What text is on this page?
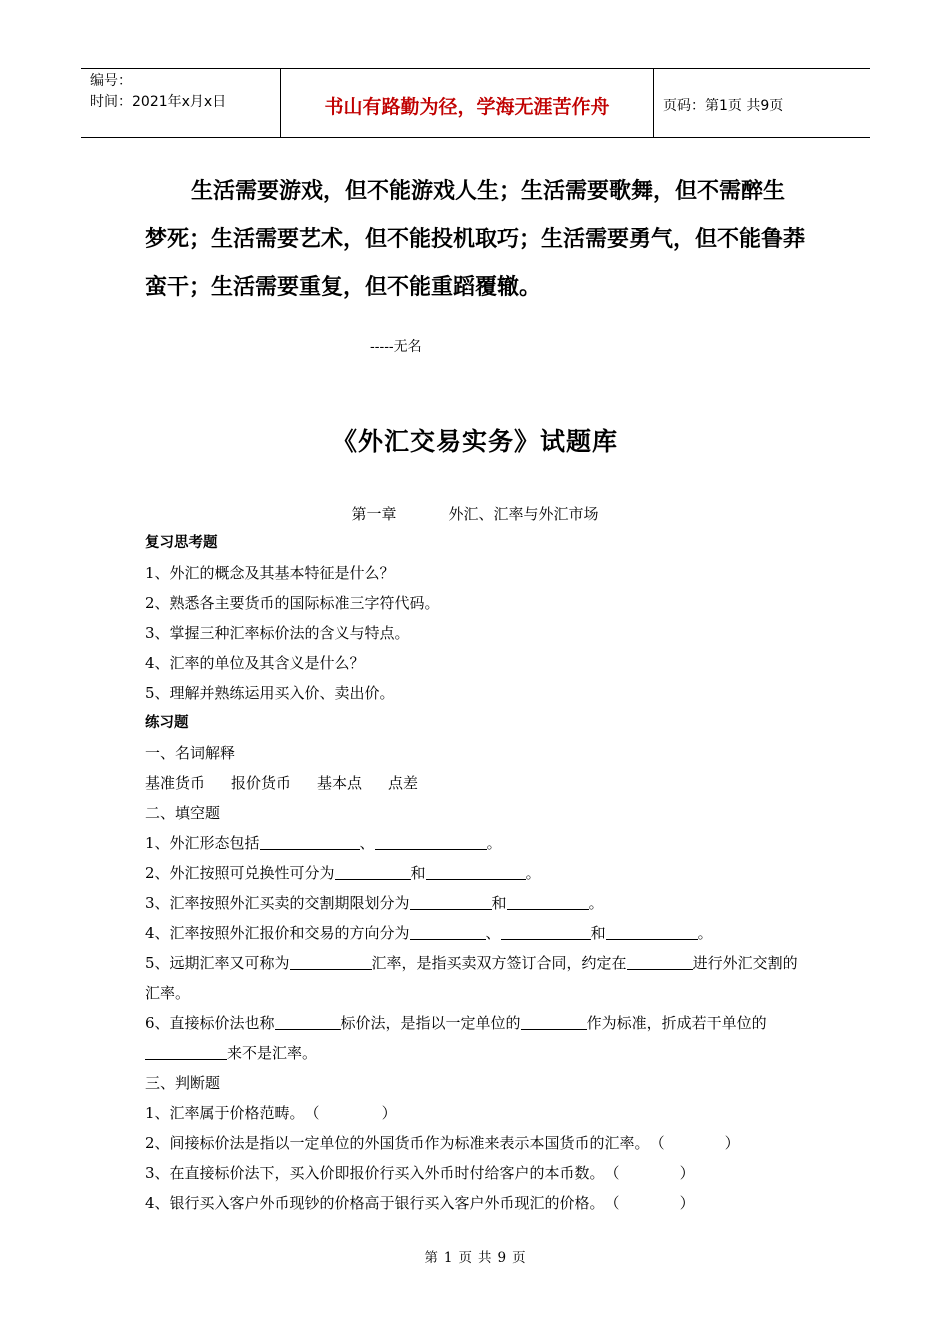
编号：
时间：2021年x月x日	书山有路勤为径，学海无涯苦作舟	页码：第1页 共9页
生活需要游戏，但不能游戏人生；生活需要歌舞，但不需醉生梦死；生活需要艺术，但不能投机取巧；生活需要勇气，但不能鲁莽蛮干；生活需要重复，但不能重蹈覆辙。
-----无名
《外汇交易实务》试题库
第一章	外汇、汇率与外汇市场
复习思考题
1、外汇的概念及其基本特征是什么？
2、熟悉各主要货币的国际标准三字符代码。
3、掌握三种汇率标价法的含义与特点。
4、汇率的单位及其含义是什么？
5、理解并熟练运用买入价、卖出价。
练习题
一、名词解释
基准货币 报价货币 基本点 点差
二、填空题
1、外汇形态包括	、	。
2、外汇按照可兑换性可分为	和	。
3、汇率按照外汇买卖的交割期限划分为	和	。
4、汇率按照外汇报价和交易的方向分为	、	和	。
5、远期汇率又可称为	汇率，是指买卖双方签订合同，约定在	进行外汇交割的汇率。
6、直接标价法也称	标价法，是指以一定单位的	作为标准，折成若干单位的来不是汇率。
三、判断题
1、汇率属于价格范畴。（	）
2、间接标价法是指以一定单位的外国货币作为标准来表示本国货币的汇率。（	）
3、在直接标价法下，买入价即报价行买入外币时付给客户的本币数。（	）
4、银行买入客户外币现钞的价格高于银行买入客户外币现汇的价格。（	）
第 1 页 共 9 页
